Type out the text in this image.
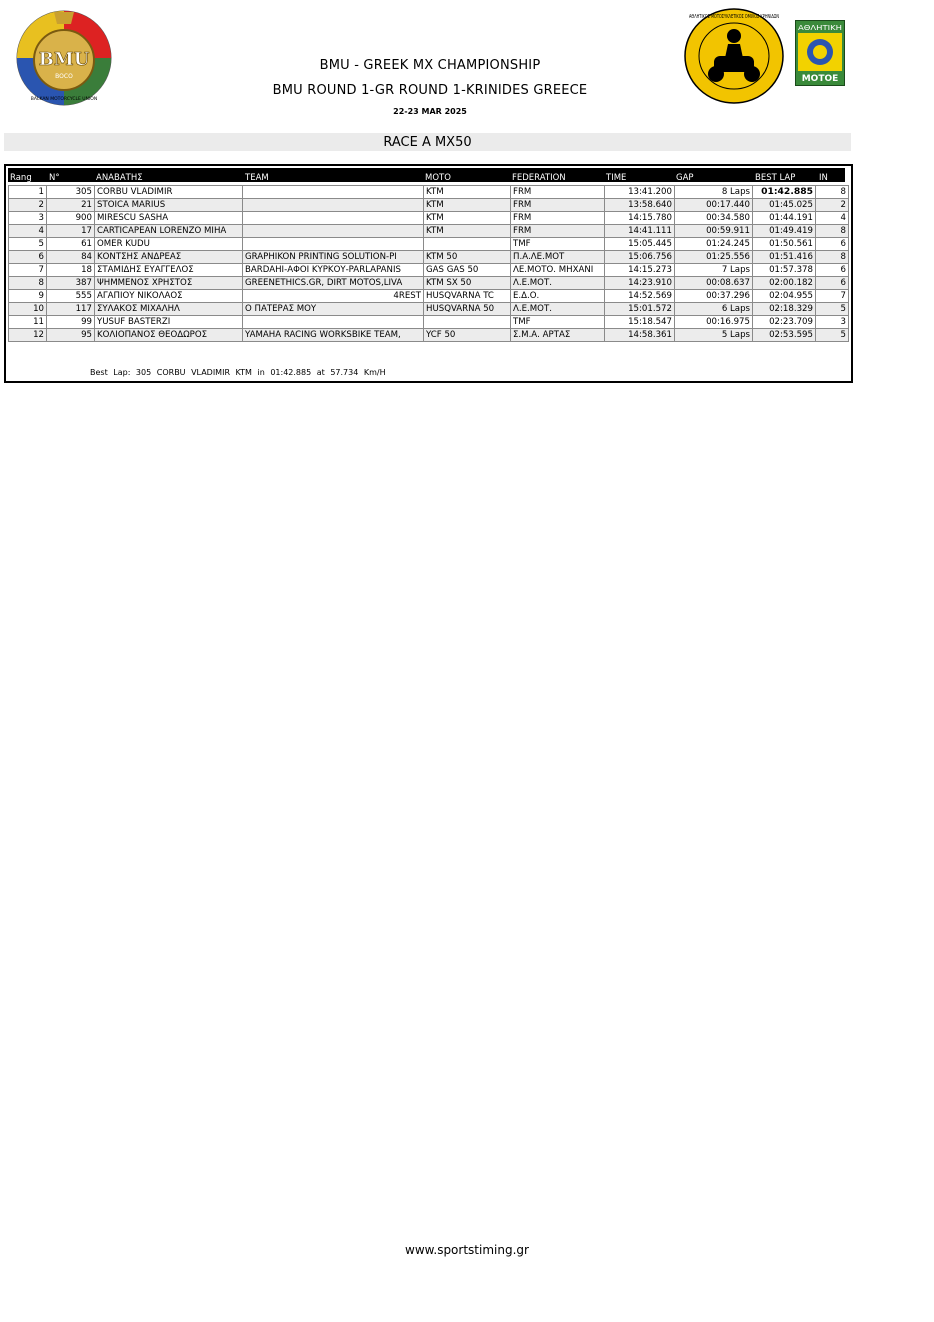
BMU
BOCO
BALKAN MOTORCYCLE UNION
ΑΘΛΗΤΙΚΟΣ ΜΟΤΟΣΥΚΛΕΤΙΚΟΣ ΟΜΙΛΟΣ ΚΡΗΝΙΔΩΝ
ΑΘΛΗΤΙΚΗ
ΜΟΤΟΕ
BMU - GREEK MX CHAMPIONSHIP
BMU ROUND 1-GR ROUND 1-KRINIDES GREECE
22-23 MAR 2025
RACE A MX50
Rang N°	ΑΝΑΒΑΤΗΣ	TEAM	MOTO	FEDERATION	TIME	GAP	BEST LAP	IN
1	305	CORBU VLADIMIR		KTM	FRM	13:41.200	8 Laps	01:42.885	8
2	21	STOICA MARIUS		KTM	FRM	13:58.640	00:17.440	01:45.025	2
3	900	MIRESCU SASHA		KTM	FRM	14:15.780	00:34.580	01:44.191	4
4	17	CARTICAPEAN LORENZO MIHA		KTM	FRM	14:41.111	00:59.911	01:49.419	8
5	61	OMER KUDU			TMF	15:05.445	01:24.245	01:50.561	6
6	84	ΚΟΝΤΣΗΣ ΑΝΔΡΕΑΣ	GRAPHIKON PRINTING SOLUTION-PI	KTM 50	Π.Α.ΛΕ.ΜΟΤ	15:06.756	01:25.556	01:51.416	8
7	18	ΣΤΑΜΙΔΗΣ ΕΥΑΓΓΕΛΟΣ	BARDAHI-ΑΦΟΙ ΚΥΡΚΟΥ-PARLAPANIS	GAS GAS 50	ΛΕ.ΜΟΤΟ. ΜΗΧΑΝΙ	14:15.273	7 Laps	01:57.378	6
8	387	ΨΗΜΜΕΝΟΣ ΧΡΗΣΤΟΣ	GREENETHICS.GR, DIRT MOTOS,LIVA	KTM SX 50	Λ.Ε.ΜΟΤ.	14:23.910	00:08.637	02:00.182	6
9	555	ΑΓΑΠΙΟΥ ΝΙΚΟΛΑΟΣ	4REST	HUSQVARNA TC	Ε.Δ.Ο.	14:52.569	00:37.296	02:04.955	7
10	117	ΣΥΛΑΚΟΣ ΜΙΧΑΛΗΛ	Ο ΠΑΤΕΡΑΣ ΜΟΥ	HUSQVARNA 50	Λ.Ε.ΜΟΤ.	15:01.572	6 Laps	02:18.329	5
11	99	YUSUF BASTERZI			TMF	15:18.547	00:16.975	02:23.709	3
12	95	ΚΟΛΙΟΠΑΝΟΣ ΘΕΟΔΩΡΟΣ	YAMAHA RACING WORKSBIKE TEAM,	YCF 50	Σ.Μ.Α. ΑΡΤΑΣ	14:58.361	5 Laps	02:53.595	5
Best Lap: 305 CORBU VLADIMIR KTM in 01:42.885 at 57.734 Km/H
www.sportstiming.gr
